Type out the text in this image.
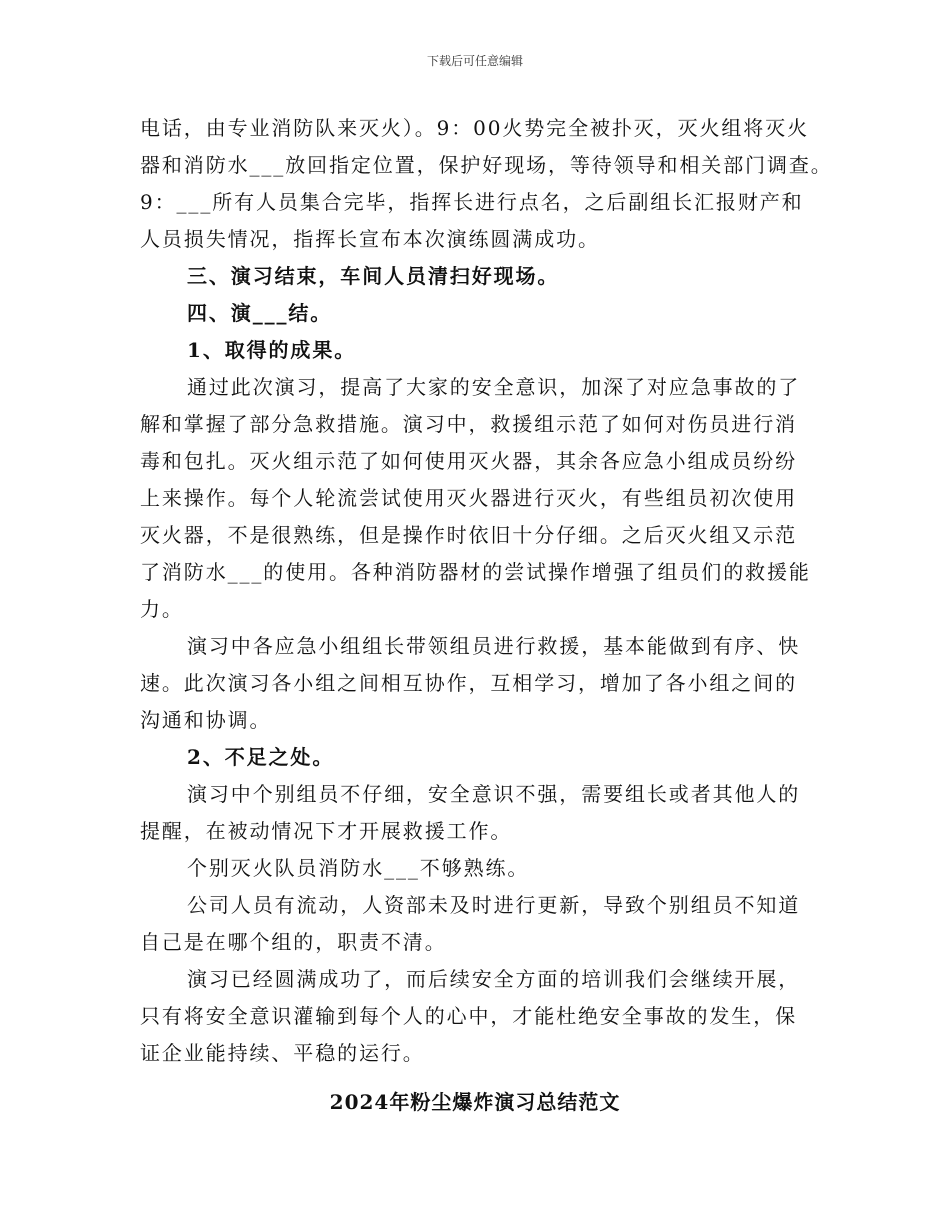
下载后可任意编辑
电话，由专业消防队来灭火）。9：00火势完全被扑灭，灭火组将灭火
器和消防水___放回指定位置，保护好现场，等待领导和相关部门调查。
9：___所有人员集合完毕，指挥长进行点名，之后副组长汇报财产和
人员损失情况，指挥长宣布本次演练圆满成功。
三、演习结束，车间人员清扫好现场。
四、演___结。
1、取得的成果。
通过此次演习，提高了大家的安全意识，加深了对应急事故的了
解和掌握了部分急救措施。演习中，救援组示范了如何对伤员进行消
毒和包扎。灭火组示范了如何使用灭火器，其余各应急小组成员纷纷
上来操作。每个人轮流尝试使用灭火器进行灭火，有些组员初次使用
灭火器，不是很熟练，但是操作时依旧十分仔细。之后灭火组又示范
了消防水___的使用。各种消防器材的尝试操作增强了组员们的救援能
力。
演习中各应急小组组长带领组员进行救援，基本能做到有序、快
速。此次演习各小组之间相互协作，互相学习，增加了各小组之间的
沟通和协调。
2、不足之处。
演习中个别组员不仔细，安全意识不强，需要组长或者其他人的
提醒，在被动情况下才开展救援工作。
个别灭火队员消防水___不够熟练。
公司人员有流动，人资部未及时进行更新，导致个别组员不知道
自己是在哪个组的，职责不清。
演习已经圆满成功了，而后续安全方面的培训我们会继续开展，
只有将安全意识灌输到每个人的心中，才能杜绝安全事故的发生，保
证企业能持续、平稳的运行。
2024年粉尘爆炸演习总结范文
